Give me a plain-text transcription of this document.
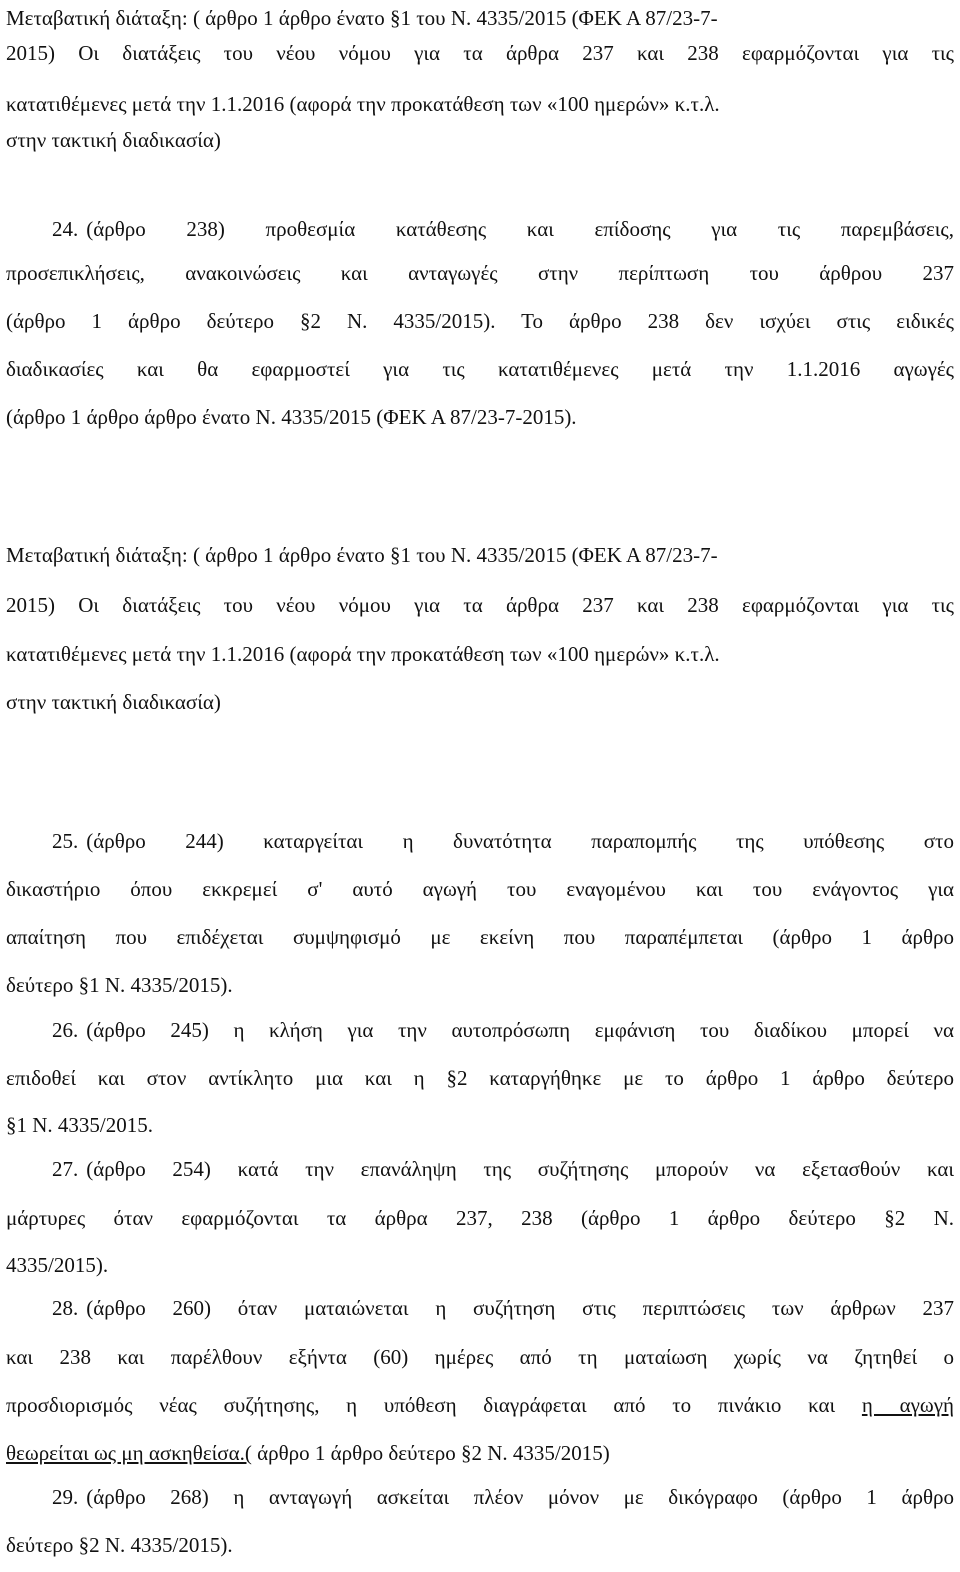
Μεταβατική διάταξη: ( άρθρο 1 άρθρο ένατο §1 του Ν. 4335/2015 (ΦΕΚ Α 87/23-7-
2015) Οι διατάξεις του νέου νόμου για τα άρθρα 237 και 238 εφαρμόζονται για τις
κατατιθέμενες μετά την 1.1.2016 (αφορά την προκατάθεση των «100 ημερών» κ.τ.λ.
στην τακτική διαδικασία)
24. (άρθρο 238) προθεσμία κατάθεσης και επίδοσης για τις παρεμβάσεις,
προσεπικλήσεις, ανακοινώσεις και ανταγωγές στην περίπτωση του άρθρου 237
(άρθρο 1 άρθρο δεύτερο §2 Ν. 4335/2015). Το άρθρο 238 δεν ισχύει στις ειδικές
διαδικασίες και θα εφαρμοστεί για τις κατατιθέμενες μετά την 1.1.2016 αγωγές
(άρθρο 1 άρθρο άρθρο ένατο Ν. 4335/2015 (ΦΕΚ Α 87/23-7-2015).
Μεταβατική διάταξη: ( άρθρο 1 άρθρο ένατο §1 του Ν. 4335/2015 (ΦΕΚ Α 87/23-7-
2015) Οι διατάξεις του νέου νόμου για τα άρθρα 237 και 238 εφαρμόζονται για τις
κατατιθέμενες μετά την 1.1.2016 (αφορά την προκατάθεση των «100 ημερών» κ.τ.λ.
στην τακτική διαδικασία)
25. (άρθρο 244) καταργείται η δυνατότητα παραπομπής της υπόθεσης στο
δικαστήριο όπου εκκρεμεί σ' αυτό αγωγή του εναγομένου και του ενάγοντος για
απαίτηση που επιδέχεται συμψηφισμό με εκείνη που παραπέμπεται (άρθρο 1 άρθρο
δεύτερο §1 Ν. 4335/2015).
26. (άρθρο 245) η κλήση για την αυτοπρόσωπη εμφάνιση του διαδίκου μπορεί να
επιδοθεί και στον αντίκλητο μια και η §2 καταργήθηκε με το άρθρο 1 άρθρο δεύτερο
§1 Ν. 4335/2015.
27. (άρθρο 254) κατά την επανάληψη της συζήτησης μπορούν να εξετασθούν και
μάρτυρες όταν εφαρμόζονται τα άρθρα 237, 238 (άρθρο 1 άρθρο δεύτερο §2 Ν.
4335/2015).
28. (άρθρο 260) όταν ματαιώνεται η συζήτηση στις περιπτώσεις των άρθρων 237
και 238 και παρέλθουν εξήντα (60) ημέρες από τη ματαίωση χωρίς να ζητηθεί ο
προσδιορισμός νέας συζήτησης, η υπόθεση διαγράφεται από το πινάκιο και η αγωγή
θεωρείται ως μη ασκηθείσα.( άρθρο 1 άρθρο δεύτερο §2 Ν. 4335/2015)
29. (άρθρο 268) η ανταγωγή ασκείται πλέον μόνον με δικόγραφο (άρθρο 1 άρθρο
δεύτερο §2 Ν. 4335/2015).
